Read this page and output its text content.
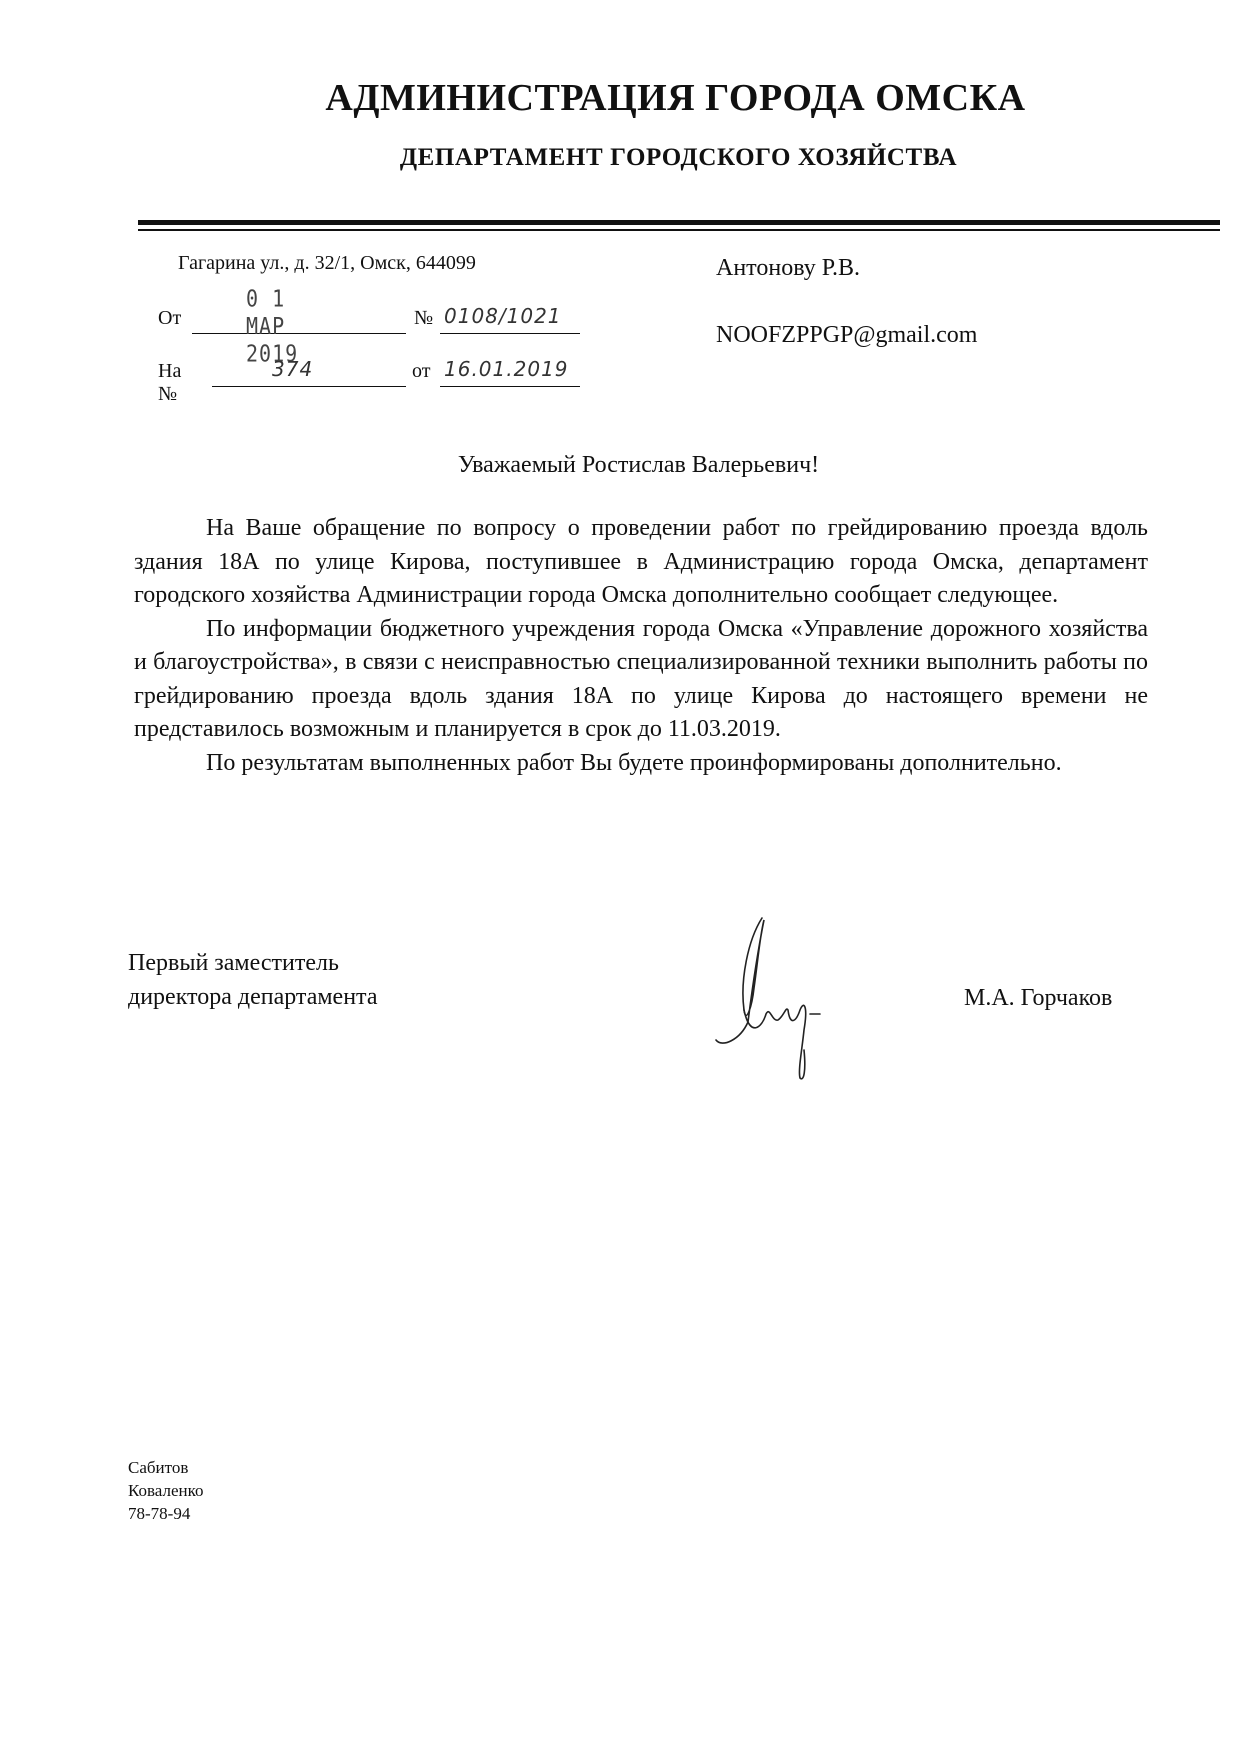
АДМИНИСТРАЦИЯ ГОРОДА ОМСКА
ДЕПАРТАМЕНТ ГОРОДСКОГО ХОЗЯЙСТВА
Гагарина ул., д. 32/1, Омск, 644099
От
0 1 МАР 2019
№ 0108/1021
На №
374	от 16.01.2019
Антонову Р.В.
NOOFZPPGP@gmail.com
Уважаемый Ростислав Валерьевич!

На Ваше обращение по вопросу о проведении работ по грейдированию проезда вдоль здания 18А по улице Кирова, поступившее в Администрацию города Омска, департамент городского хозяйства Администрации города Омска дополнительно сообщает следующее.

По информации бюджетного учреждения города Омска «Управление дорожного хозяйства и благоустройства», в связи с неисправностью специализированной техники выполнить работы по грейдированию проезда вдоль здания 18А по улице Кирова до настоящего времени не представилось возможным и планируется в срок до 11.03.2019.

По результатам выполненных работ Вы будете проинформированы дополнительно.

Первый заместитель
директора департамента	М.А. Горчаков
Сабитов
Коваленко
78-78-94
